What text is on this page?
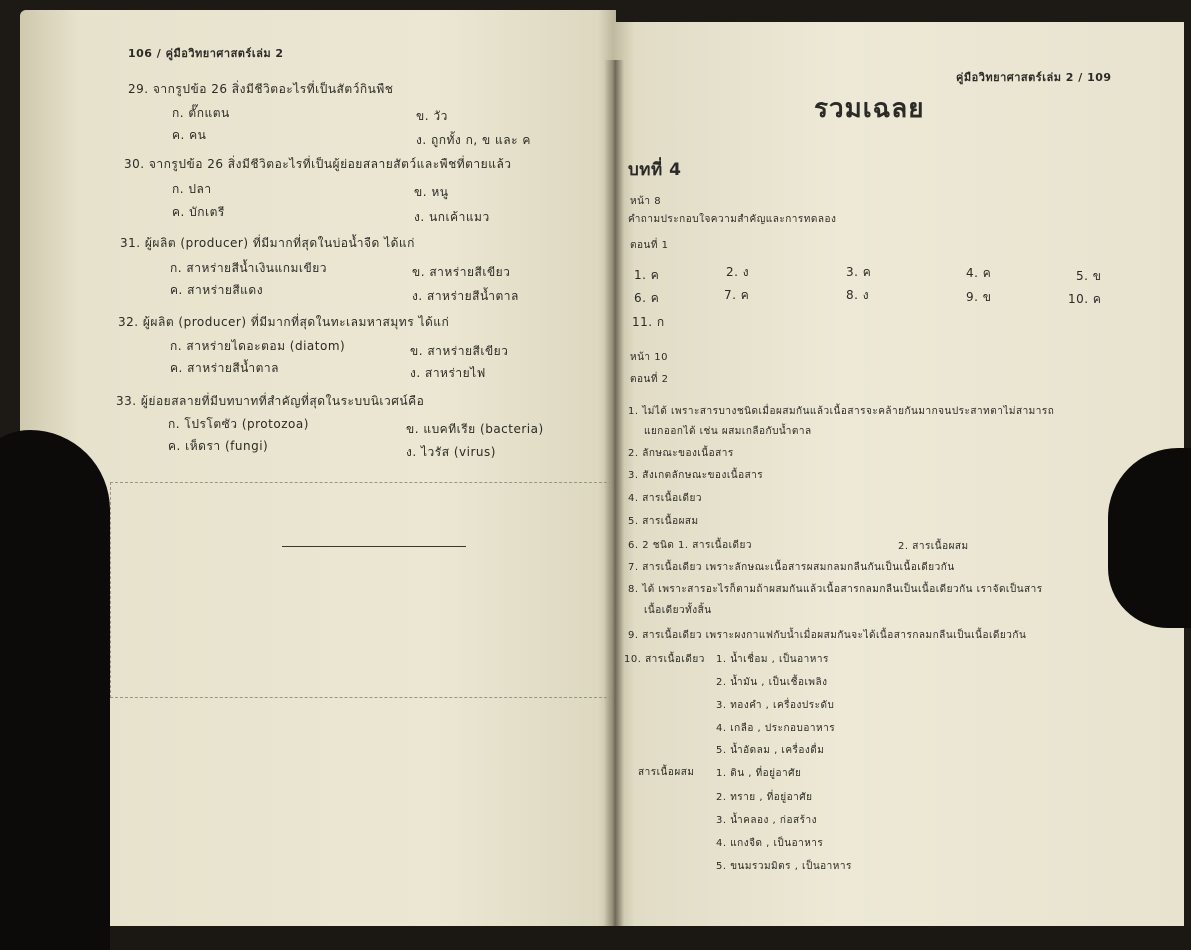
106 / คู่มือวิทยาศาสตร์เล่ม 2
29. จากรูปข้อ 26 สิ่งมีชีวิตอะไรที่เป็นสัตว์กินพืช
ก. ตั๊กแตน	ข. วัว
ค. คน	ง. ถูกทั้ง ก, ข และ ค
30. จากรูปข้อ 26 สิ่งมีชีวิตอะไรที่เป็นผู้ย่อยสลายสัตว์และพืชที่ตายแล้ว
ก. ปลา	ข. หนู
ค. บักเตรี	ง. นกเค้าแมว
31. ผู้ผลิต (producer) ที่มีมากที่สุดในบ่อน้ำจืด ได้แก่
ก. สาหร่ายสีน้ำเงินแกมเขียว	ข. สาหร่ายสีเขียว
ค. สาหร่ายสีแดง	ง. สาหร่ายสีน้ำตาล
32. ผู้ผลิต (producer) ที่มีมากที่สุดในทะเลมหาสมุทร ได้แก่
ก. สาหร่ายไดอะตอม (diatom)	ข. สาหร่ายสีเขียว
ค. สาหร่ายสีน้ำตาล	ง. สาหร่ายไฟ
33. ผู้ย่อยสลายที่มีบทบาทที่สำคัญที่สุดในระบบนิเวศน์คือ
ก. โปรโตซัว (protozoa)	ข. แบคทีเรีย (bacteria)
ค. เห็ดรา (fungi)	ง. ไวรัส (virus)
คู่มือวิทยาศาสตร์เล่ม 2 / 109
รวมเฉลย
บทที่ 4
หน้า 8
คำถามประกอบใจความสำคัญและการทดลอง
ตอนที่ 1
1. ค	2. ง	3. ค	4. ค	5. ข
6. ค	7. ค	8. ง	9. ข	10. ค
11. ก
หน้า 10
ตอนที่ 2
1. ไม่ได้ เพราะสารบางชนิดเมื่อผสมกันแล้วเนื้อสารจะคล้ายกันมากจนประสาทตาไม่สามารถ
แยกออกได้ เช่น ผสมเกลือกับน้ำตาล
2. ลักษณะของเนื้อสาร
3. สังเกตลักษณะของเนื้อสาร
4. สารเนื้อเดียว
5. สารเนื้อผสม
6. 2 ชนิด 1. สารเนื้อเดียว	2. สารเนื้อผสม
7. สารเนื้อเดียว เพราะลักษณะเนื้อสารผสมกลมกลืนกันเป็นเนื้อเดียวกัน
8. ได้ เพราะสารอะไรก็ตามถ้าผสมกันแล้วเนื้อสารกลมกลืนเป็นเนื้อเดียวกัน เราจัดเป็นสาร
เนื้อเดียวทั้งสิ้น
9. สารเนื้อเดียว เพราะผงกาแฟกับน้ำเมื่อผสมกันจะได้เนื้อสารกลมกลืนเป็นเนื้อเดียวกัน
10. สารเนื้อเดียว 1. น้ำเชื่อม , เป็นอาหาร
2. น้ำมัน , เป็นเชื้อเพลิง
3. ทองคำ , เครื่องประดับ
4. เกลือ , ประกอบอาหาร
5. น้ำอัดลม , เครื่องดื่ม
สารเนื้อผสม 1. ดิน , ที่อยู่อาศัย
2. ทราย , ที่อยู่อาศัย
3. น้ำคลอง , ก่อสร้าง
4. แกงจืด , เป็นอาหาร
5. ขนมรวมมิตร , เป็นอาหาร
